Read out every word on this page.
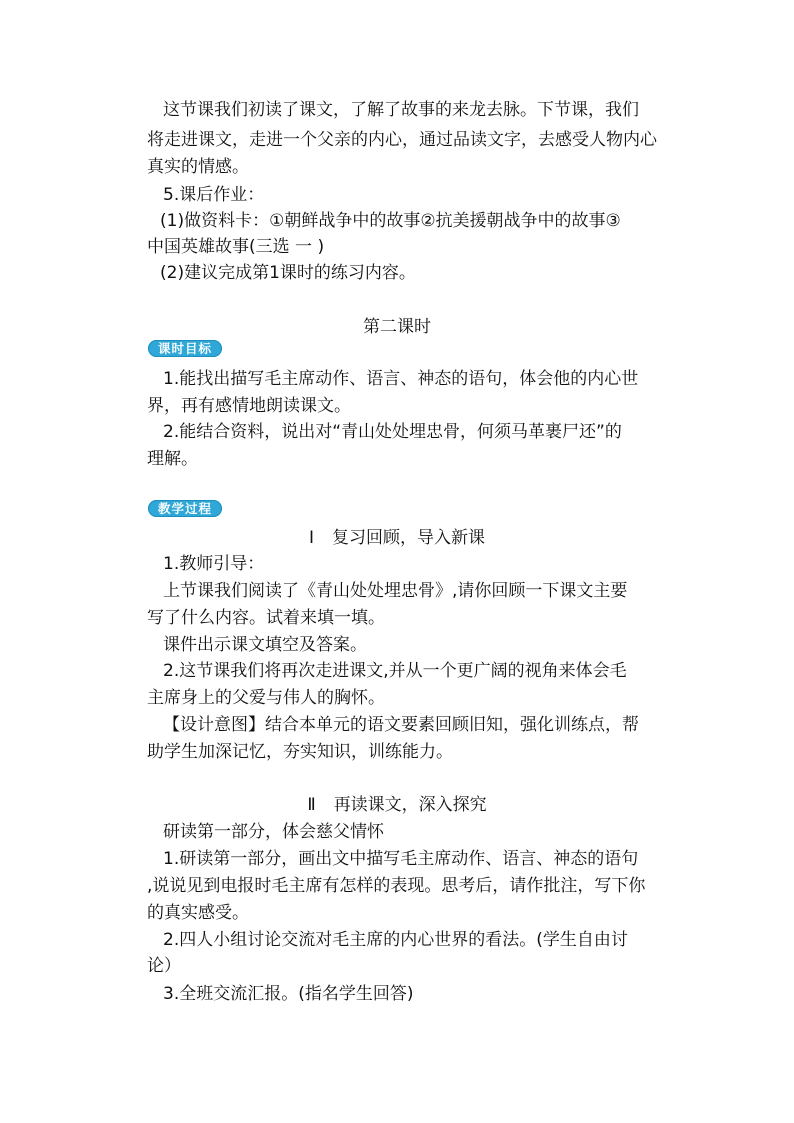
这节课我们初读了课文，了解了故事的来龙去脉。下节课，我们
将走进课文，走进一个父亲的内心，通过品读文字，去感受人物内心
真实的情感。
5.课后作业：
(1)做资料卡：①朝鲜战争中的故事②抗美援朝战争中的故事③
中国英雄故事(三选 一 )
(2)建议完成第1课时的练习内容。
第二课时
课时目标
1.能找出描写毛主席动作、语言、神态的语句，体会他的内心世
界，再有感情地朗读课文。
2.能结合资料，说出对“青山处处埋忠骨，何须马革裹尸还”的
理解。
教学过程
Ⅰ 复习回顾，导入新课
1.教师引导：
上节课我们阅读了《青山处处埋忠骨》,请你回顾一下课文主要
写了什么内容。试着来填一填。
课件出示课文填空及答案。
2.这节课我们将再次走进课文,并从一个更广阔的视角来体会毛
主席身上的父爱与伟人的胸怀。
【设计意图】结合本单元的语文要素回顾旧知，强化训练点，帮
助学生加深记忆，夯实知识，训练能力。
Ⅱ 再读课文，深入探究
研读第一部分，体会慈父情怀
1.研读第一部分，画出文中描写毛主席动作、语言、神态的语句
,说说见到电报时毛主席有怎样的表现。思考后，请作批注，写下你
的真实感受。
2.四人小组讨论交流对毛主席的内心世界的看法。(学生自由讨
论）
3.全班交流汇报。(指名学生回答)
